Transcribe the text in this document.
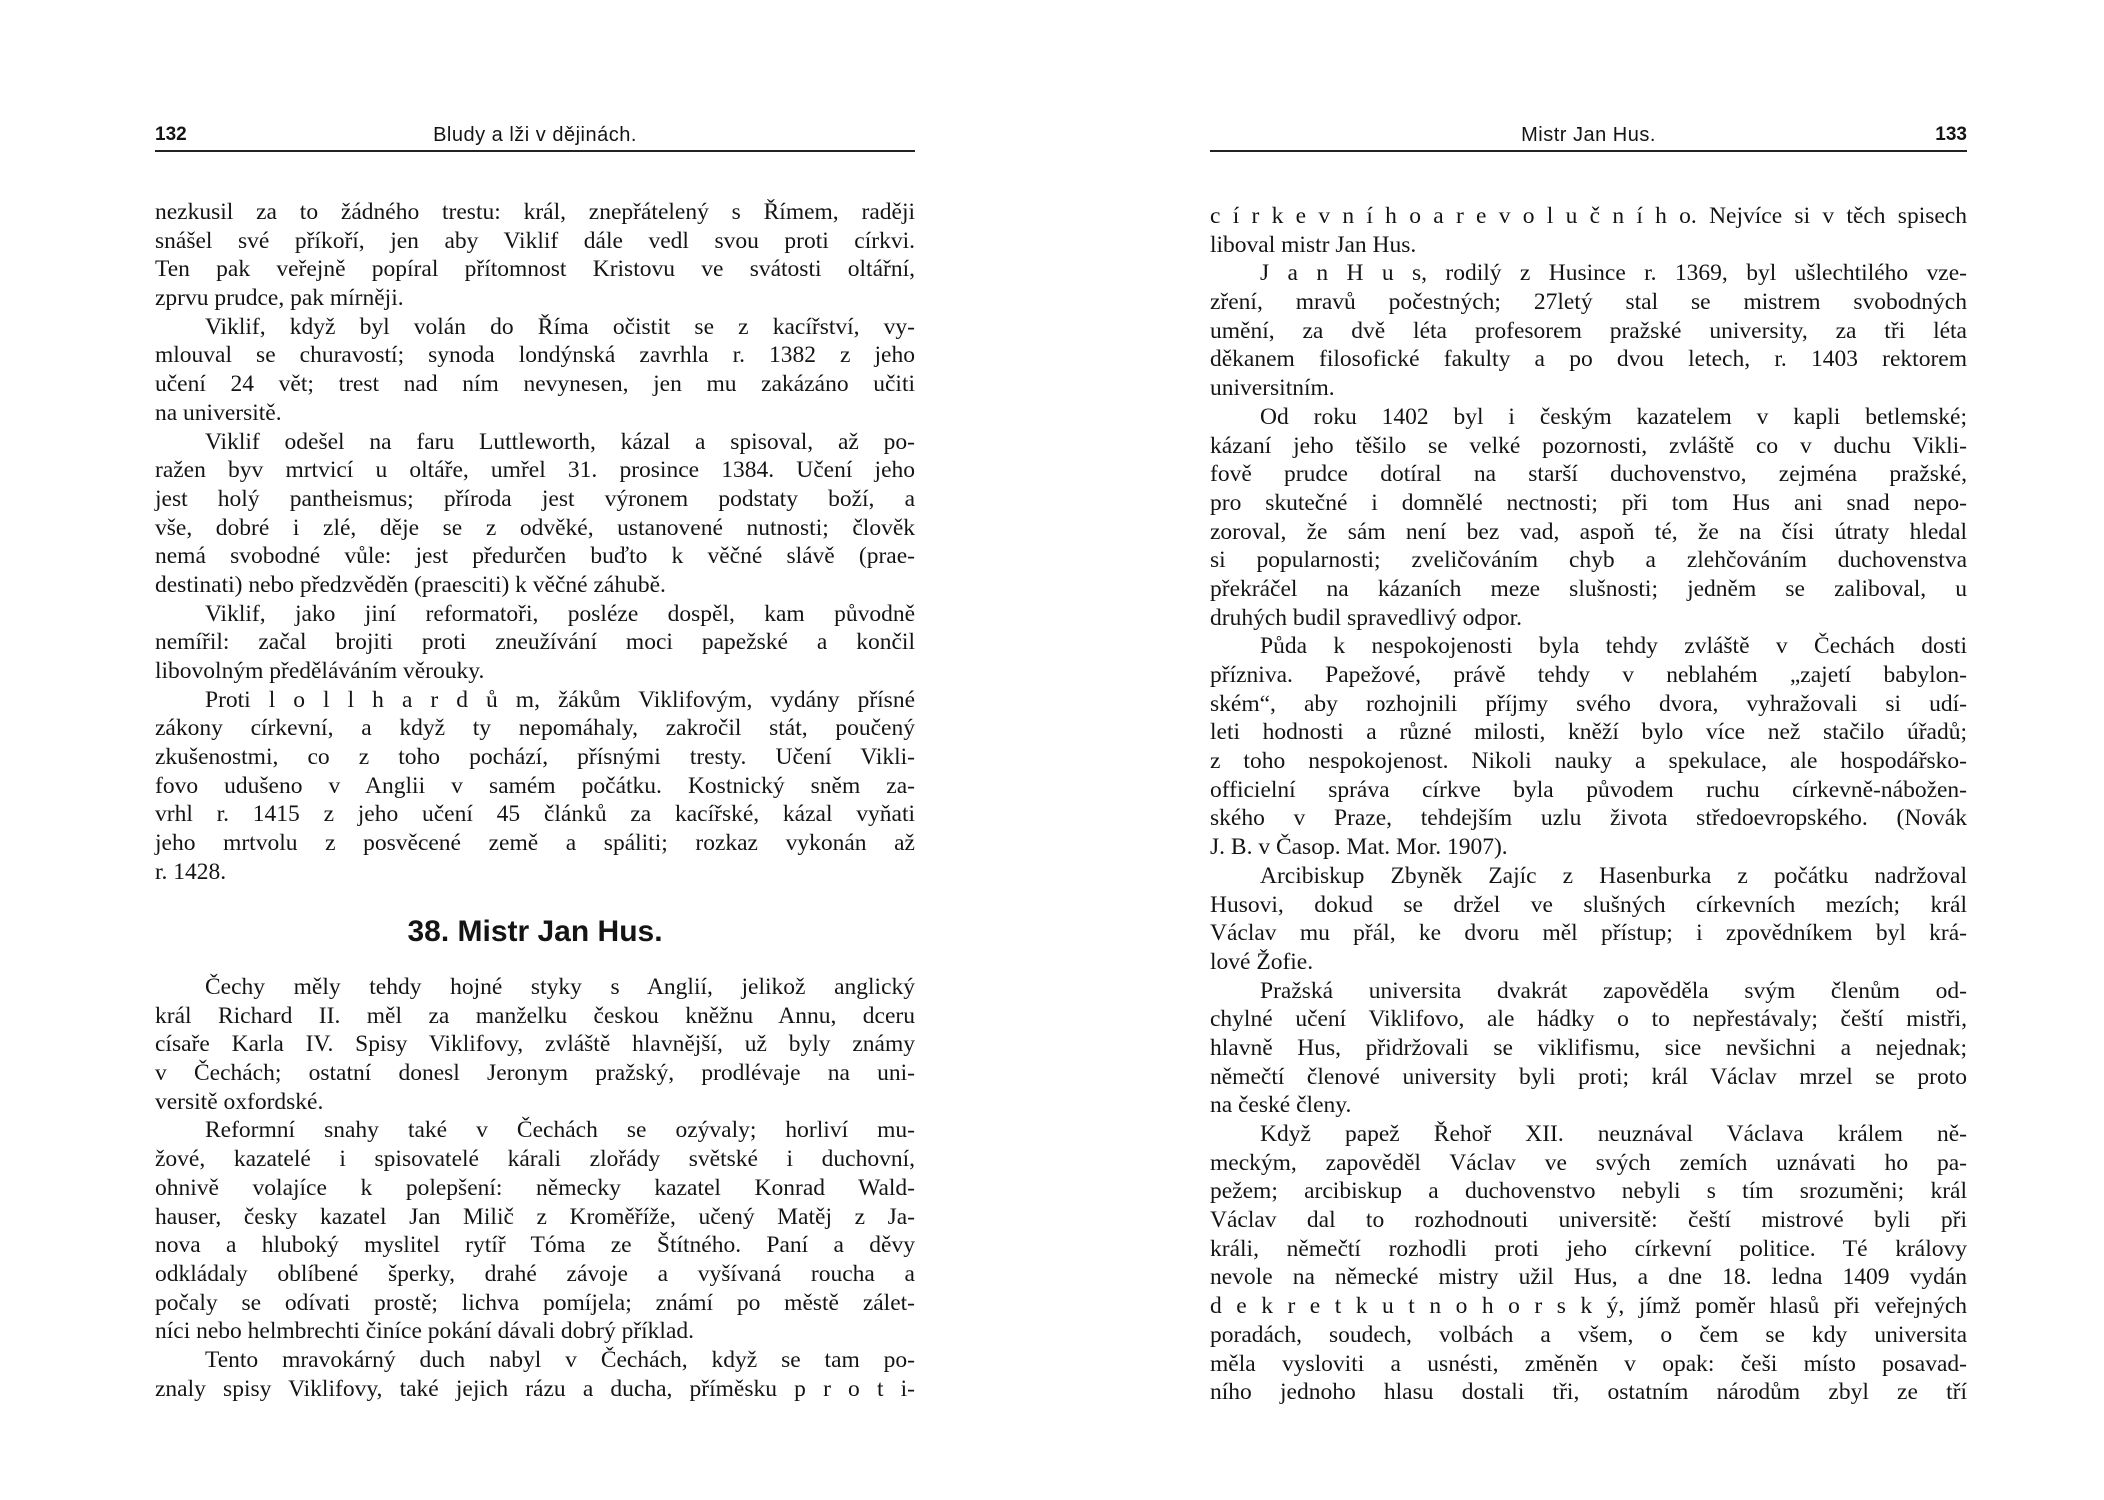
132	Bludy a lži v dějinách.
nezkusil za to žádného trestu: král, znepřátelený s Římem, raději
snášel své příkoří, jen aby Viklif dále vedl svou proti církvi.
Ten pak veřejně popíral přítomnost Kristovu ve svátosti oltářní,
zprvu prudce, pak mírněji.
Viklif, když byl volán do Říma očistit se z kacířství, vy-
mlouval se churavostí; synoda londýnská zavrhla r. 1382 z jeho
učení 24 vět; trest nad ním nevynesen, jen mu zakázáno učiti
na universitě.
Viklif odešel na faru Luttleworth, kázal a spisoval, až po-
ražen byv mrtvicí u oltáře, umřel 31. prosince 1384. Učení jeho
jest holý pantheismus; příroda jest výronem podstaty boží, a
vše, dobré i zlé, děje se z odvěké, ustanovené nutnosti; člověk
nemá svobodné vůle: jest předurčen buďto k věčné slávě (prae-
destinati) nebo předzvěděn (praesciti) k věčné záhubě.
Viklif, jako jiní reformatoři, posléze dospěl, kam původně
nemířil: začal brojiti proti zneužívání moci papežské a končil
libovolným předěláváním věrouky.
Proti l o l l h a r d ů m, žákům Viklifovým, vydány přísné
zákony církevní, a když ty nepomáhaly, zakročil stát, poučený
zkušenostmi, co z toho pochází, přísnými tresty. Učení Vikli-
fovo udušeno v Anglii v samém počátku. Kostnický sněm za-
vrhl r. 1415 z jeho učení 45 článků za kacířské, kázal vyňati
jeho mrtvolu z posvěcené země a spáliti; rozkaz vykonán až
r. 1428.
38. Mistr Jan Hus.
Čechy měly tehdy hojné styky s Anglií, jelikož anglický
král Richard II. měl za manželku českou kněžnu Annu, dceru
císaře Karla IV. Spisy Viklifovy, zvláště hlavnější, už byly známy
v Čechách; ostatní donesl Jeronym pražský, prodlévaje na uni-
versitě oxfordské.
Reformní snahy také v Čechách se ozývaly; horliví mu-
žové, kazatelé i spisovatelé kárali zlořády světské i duchovní,
ohnivě volajíce k polepšení: německy kazatel Konrad Wald-
hauser, česky kazatel Jan Milič z Kroměříže, učený Matěj z Ja-
nova a hluboký myslitel rytíř Tóma ze Štítného. Paní a děvy
odkládaly oblíbené šperky, drahé závoje a vyšívaná roucha a
počaly se odívati prostě; lichva pomíjela; známí po městě zálet-
níci nebo helmbrechti činíce pokání dávali dobrý příklad.
Tento mravokárný duch nabyl v Čechách, když se tam po-
znaly spisy Viklifovy, také jejich rázu a ducha, příměsku p r o t i-
Mistr Jan Hus.	133
c í r k e v n í h o a r e v o l u č n í h o. Nejvíce si v těch spisech
liboval mistr Jan Hus.
J a n H u s, rodilý z Husince r. 1369, byl ušlechtilého vze-
zření, mravů počestných; 27letý stal se mistrem svobodných
umění, za dvě léta profesorem pražské university, za tři léta
děkanem filosofické fakulty a po dvou letech, r. 1403 rektorem
universitním.
Od roku 1402 byl i českým kazatelem v kapli betlemské;
kázaní jeho těšilo se velké pozornosti, zvláště co v duchu Vikli-
fově prudce dotíral na starší duchovenstvo, zejména pražské,
pro skutečné i domnělé nectnosti; při tom Hus ani snad nepo-
zoroval, že sám není bez vad, aspoň té, že na čísi útraty hledal
si popularnosti; zveličováním chyb a zlehčováním duchovenstva
překráčel na kázaních meze slušnosti; jedněm se zaliboval, u
druhých budil spravedlivý odpor.
Půda k nespokojenosti byla tehdy zvláště v Čechách dosti
přízniva. Papežové, právě tehdy v neblahém „zajetí babylon-
ském“, aby rozhojnili příjmy svého dvora, vyhražovali si udí-
leti hodnosti a různé milosti, kněží bylo více než stačilo úřadů;
z toho nespokojenost. Nikoli nauky a spekulace, ale hospodářsko-
officielní správa církve byla původem ruchu církevně-nábožen-
ského v Praze, tehdejším uzlu života středoevropského. (Novák
J. B. v Časop. Mat. Mor. 1907).
Arcibiskup Zbyněk Zajíc z Hasenburka z počátku nadržoval
Husovi, dokud se držel ve slušných církevních mezích; král
Václav mu přál, ke dvoru měl přístup; i zpovědníkem byl krá-
lové Žofie.
Pražská universita dvakrát zapověděla svým členům od-
chylné učení Viklifovo, ale hádky o to nepřestávaly; čeští mistři,
hlavně Hus, přidržovali se viklifismu, sice nevšichni a nejednak;
němečtí členové university byli proti; král Václav mrzel se proto
na české členy.
Když papež Řehoř XII. neuznával Václava králem ně-
meckým, zapověděl Václav ve svých zemích uznávati ho pa-
pežem; arcibiskup a duchovenstvo nebyli s tím srozuměni; král
Václav dal to rozhodnouti universitě: čeští mistrové byli při
králi, němečtí rozhodli proti jeho církevní politice. Té královy
nevole na německé mistry užil Hus, a dne 18. ledna 1409 vydán
d e k r e t k u t n o h o r s k ý, jímž poměr hlasů při veřejných
poradách, soudech, volbách a všem, o čem se kdy universita
měla vysloviti a usnésti, změněn v opak: češi místo posavad-
ního jednoho hlasu dostali tři, ostatním národům zbyl ze tří
